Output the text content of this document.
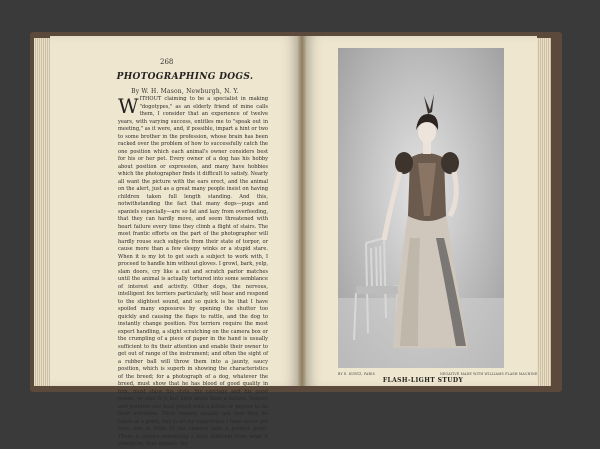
268
PHOTOGRAPHING DOGS.
By W. H. Mason, Newburgh, N. Y.
WITHOUT claiming to be a specialist in making "dogotypes," as an elderly friend of mine calls them, I consider that an experience of twelve years, with varying success, entitles me to "speak out in meeting," as it were, and, if possible, impart a hint or two to some brother in the profession, whose brain has been racked over the problem of how to successfully catch the one position which each animal's owner considers best for his or her pet. Every owner of a dog has his hobby about position or expression, and many have hobbies which the photographer finds it difficult to satisfy. Nearly all want the picture with the ears erect, and the animal on the alert, just as a great many people insist on having children taken full length standing. And this, notwithstanding the fact that many dogs—pugs and spaniels especially—are so fat and lazy from overfeeding, that they can hardly move, and seem threatened with heart failure every time they climb a flight of stairs. The most frantic efforts on the part of the photographer will hardly rouse such subjects from their state of torpor, or cause more than a few sleepy winks or a stupid stare. When it is my lot to get such a subject to work with, I proceed to handle him without gloves. I growl, bark, yelp, slam doors, cry like a cat and scratch parlor matches until the animal is actually tortured into some semblance of interest and activity. Other dogs, the nervous, intelligent fox terriers particularly, will hear and respond to the slightest sound, and so quick is he that I have spoiled many exposures by opening the shutter too quickly and causing the flaps to rattle, and the dog to instantly change position. Fox terriers require the most expert handling, a slight scratching on the camera box or the crumpling of a piece of paper in the hand is usually sufficient to fix their attention and enable their owner to get out of range of the instrument; and often the sight of a rubber ball will throw them into a jaunty, saucy position, which is superb in showing the characteristics of the breed; for a photograph of a dog, whatever the breed, must show that he has blood of good quality in him, must show his style, his carriage and his good points, or else it is but little more than a failure. Setters and pointers are best posed with a kitten or pigeon to fix their attention. Their owners usually ask that they be taken at a point, but in all my experience I have never yet seen one in front of the camera take a perfect point. There is always something a little different from what it should be, that impairs the
BY E. KURTZ, PARIS	NEGATIVE MADE WITH WILLIAMS FLASH MACHINE
FLASH-LIGHT STUDY
